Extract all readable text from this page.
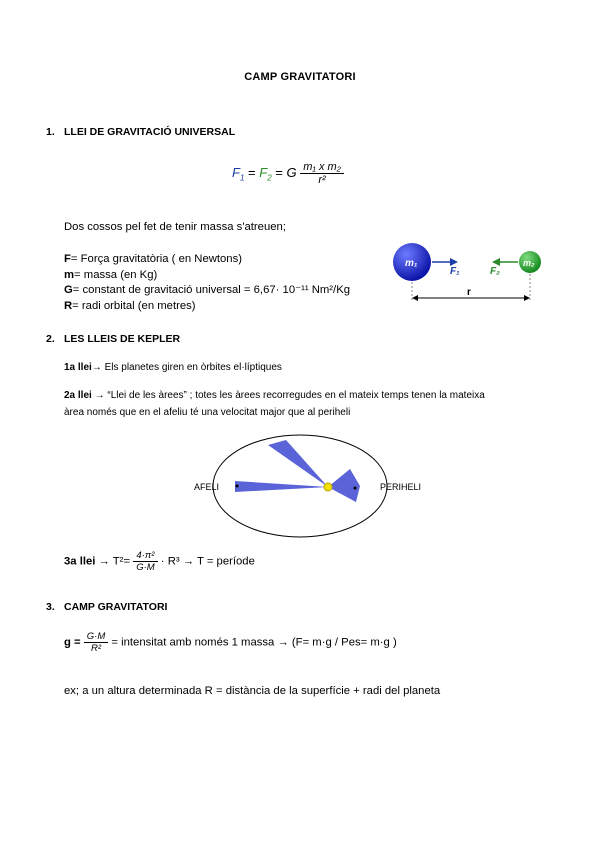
CAMP GRAVITATORI
1. LLEI DE GRAVITACIÓ UNIVERSAL
$F_1 = F_2 = G \frac{\text{m₁ x m₂}}{\text{r²}}$
Dos cossos pel fet de tenir massa s'atreuen;
F= Força gravitatòria ( en Newtons)
m= massa (en Kg)
G= constant de gravitació universal = 6,67· 10⁻¹¹ Nm²/Kg
R= radi orbital (en metres)
m₁
F₁
m₂
F₂
r
2. LES LLEIS DE KEPLER
1a llei→ Els planetes giren en òrbites el·líptiques
2a llei → “Llei de les àrees” ; totes les àrees recorregudes en el mateix temps tenen la mateixa àrea només que en el afeliu té una velocitat major que al periheli
AFELI	PERIHELI
3a llei → $T^2= \frac{\text{4·π²}}{G\cdot M} \cdot R^3 \to T$ = període
3. CAMP GRAVITATORI
$g = \frac{G\cdot M}{\text{R²}}$ = intensitat amb només 1 massa → (F= m·g / Pes= m·g )
ex; a un altura determinada R = distància de la superfície + radi del planeta
